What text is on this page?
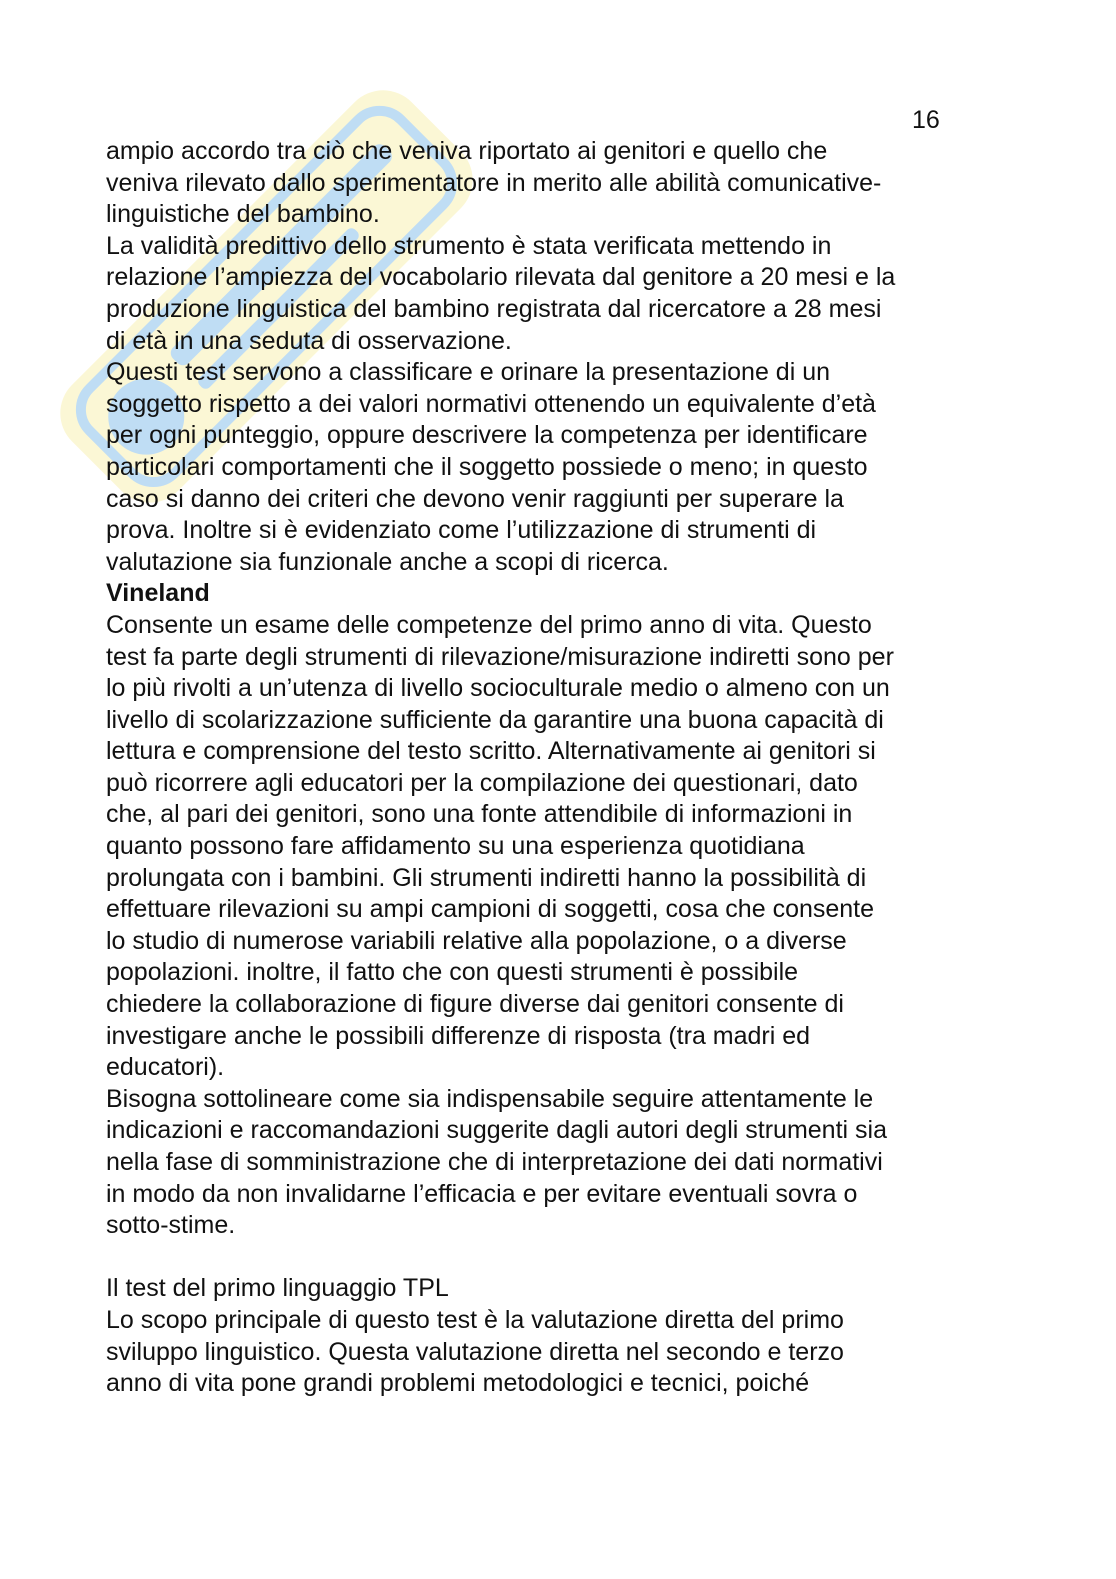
16
ampio accordo tra ciò che veniva riportato ai genitori e quello che
veniva rilevato dallo sperimentatore in merito alle abilità comunicative-
linguistiche del bambino.
La validità predittivo dello strumento è stata verificata mettendo in
relazione l’ampiezza del vocabolario rilevata dal genitore a 20 mesi e la
produzione linguistica del bambino registrata dal ricercatore a 28 mesi
di età in una seduta di osservazione.
Questi test servono a classificare e orinare la presentazione di un
soggetto rispetto a dei valori normativi ottenendo un equivalente d’età
per ogni punteggio, oppure descrivere la competenza per identificare
particolari comportamenti che il soggetto possiede o meno; in questo
caso si danno dei criteri che devono venir raggiunti per superare la
prova. Inoltre si è evidenziato come l’utilizzazione di strumenti di
valutazione sia funzionale anche a scopi di ricerca.
Vineland
Consente un esame delle competenze del primo anno di vita. Questo
test fa parte degli strumenti di rilevazione/misurazione indiretti sono per
lo più rivolti a un’utenza di livello socioculturale medio o almeno con un
livello di scolarizzazione sufficiente da garantire una buona capacità di
lettura e comprensione del testo scritto. Alternativamente ai genitori si
può ricorrere agli educatori per la compilazione dei questionari, dato
che, al pari dei genitori, sono una fonte attendibile di informazioni in
quanto possono fare affidamento su una esperienza quotidiana
prolungata con i bambini. Gli strumenti indiretti hanno la possibilità di
effettuare rilevazioni su ampi campioni di soggetti, cosa che consente
lo studio di numerose variabili relative alla popolazione, o a diverse
popolazioni. inoltre, il fatto che con questi strumenti è possibile
chiedere la collaborazione di figure diverse dai genitori consente di
investigare anche le possibili differenze di risposta (tra madri ed
educatori).
Bisogna sottolineare come sia indispensabile seguire attentamente le
indicazioni e raccomandazioni suggerite dagli autori degli strumenti sia
nella fase di somministrazione che di interpretazione dei dati normativi
in modo da non invalidarne l’efficacia e per evitare eventuali sovra o
sotto-stime.
Il test del primo linguaggio TPL
Lo scopo principale di questo test è la valutazione diretta del primo
sviluppo linguistico. Questa valutazione diretta nel secondo e terzo
anno di vita pone grandi problemi metodologici e tecnici, poiché
